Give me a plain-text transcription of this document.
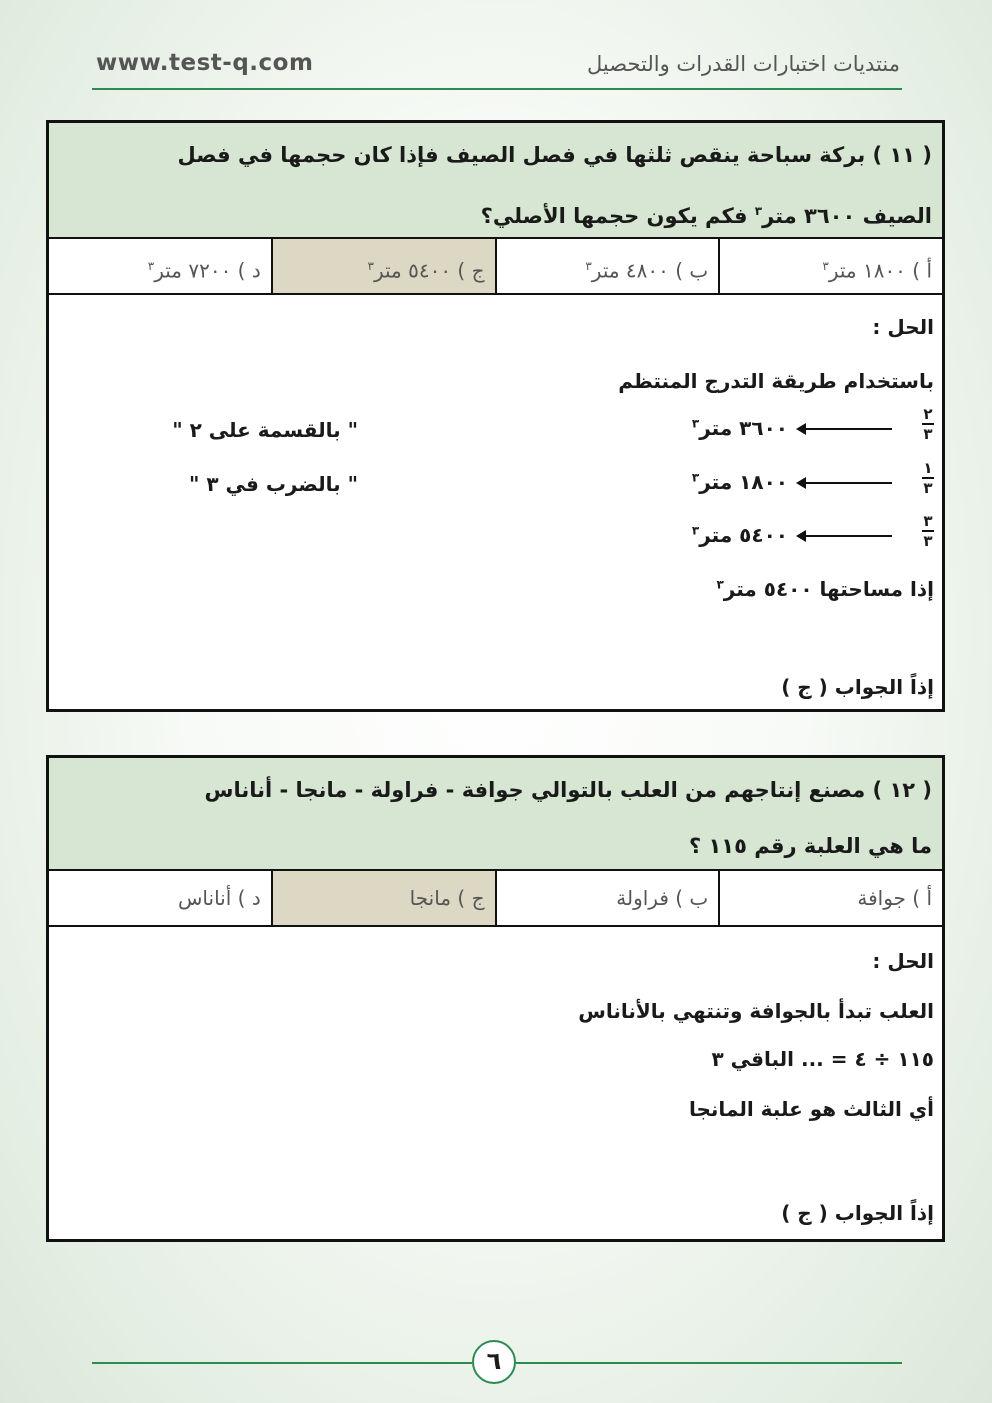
www.test-q.com	منتديات اختبارات القدرات والتحصيل
( ١١ ) بركة سباحة ينقص ثلثها في فصل الصيف فإذا كان حجمها في فصل
الصيف ٣٦٠٠ متر$^٣$ فكم يكون حجمها الأصلي؟
أ ) ١٨٠٠ متر$^٣$
ب ) ٤٨٠٠ متر$^٣$
ج ) ٥٤٠٠ متر$^٣$
د ) ٧٢٠٠ متر$^٣$
الحل :
باستخدام طريقة التدرج المنتظم
٢
٣
٣٦٠٠ متر$^٣$
١
٣
١٨٠٠ متر$^٣$
٣
٣
٥٤٠٠ متر$^٣$
" بالقسمة على ٢ "
" بالضرب في ٣ "
إذا مساحتها ٥٤٠٠ متر$^٣$
إذاً الجواب ( ج )
( ١٢ ) مصنع إنتاجهم من العلب بالتوالي جوافة - فراولة - مانجا - أناناس
ما هي العلبة رقم ١١٥ ؟
أ ) جوافة
ب ) فراولة
ج ) مانجا
د ) أناناس
الحل :
العلب تبدأ بالجوافة وتنتهي بالأناناس
١١٥ ÷ ٤ = ... الباقي ٣
أي الثالث هو علبة المانجا
إذاً الجواب ( ج )
٦
